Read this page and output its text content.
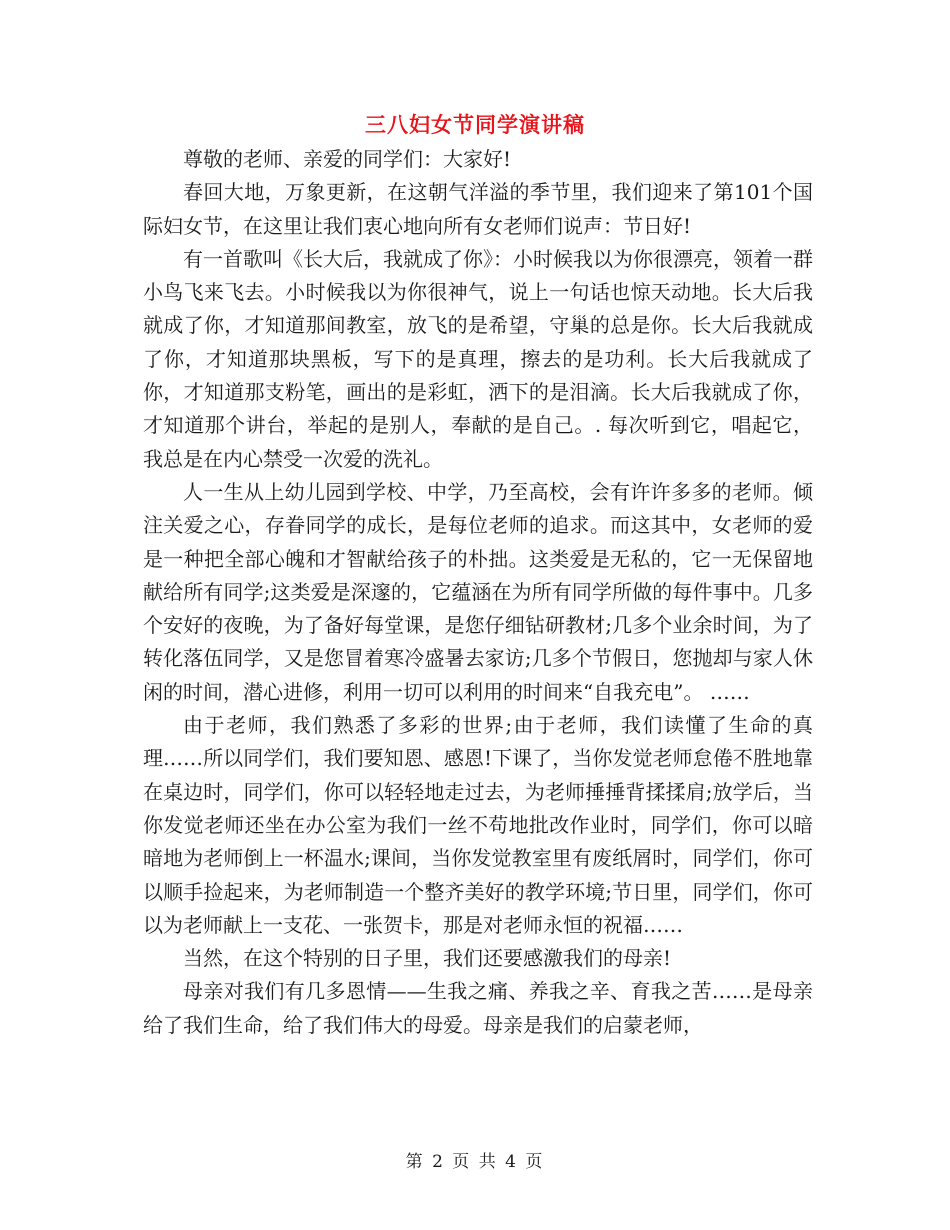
三八妇女节同学演讲稿

尊敬的老师、亲爱的同学们：大家好!

春回大地，万象更新，在这朝气洋溢的季节里，我们迎来了第101个国际妇女节，在这里让我们衷心地向所有女老师们说声：节日好!

有一首歌叫《长大后，我就成了你》：小时候我以为你很漂亮，领着一群小鸟飞来飞去。小时候我以为你很神气，说上一句话也惊天动地。长大后我就成了你，才知道那间教室，放飞的是希望，守巢的总是你。长大后我就成了你，才知道那块黑板，写下的是真理，擦去的是功利。长大后我就成了你，才知道那支粉笔，画出的是彩虹，洒下的是泪滴。长大后我就成了你，才知道那个讲台，举起的是别人，奉献的是自己。. 每次听到它，唱起它，我总是在内心禁受一次爱的洗礼。

人一生从上幼儿园到学校、中学，乃至高校，会有许许多多的老师。倾注关爱之心，存眷同学的成长，是每位老师的追求。而这其中，女老师的爱是一种把全部心魄和才智献给孩子的朴拙。这类爱是无私的，它一无保留地献给所有同学;这类爱是深邃的，它蕴涵在为所有同学所做的每件事中。几多个安好的夜晚，为了备好每堂课，是您仔细钻研教材;几多个业余时间，为了转化落伍同学，又是您冒着寒冷盛暑去家访;几多个节假日，您抛却与家人休闲的时间，潜心进修，利用一切可以利用的时间来“自我充电”。 ……

由于老师，我们熟悉了多彩的世界;由于老师，我们读懂了生命的真理……所以同学们，我们要知恩、感恩!下课了，当你发觉老师怠倦不胜地靠在桌边时，同学们，你可以轻轻地走过去，为老师捶捶背揉揉肩;放学后，当你发觉老师还坐在办公室为我们一丝不苟地批改作业时，同学们，你可以暗暗地为老师倒上一杯温水;课间，当你发觉教室里有废纸屑时，同学们，你可以顺手捡起来，为老师制造一个整齐美好的教学环境;节日里，同学们，你可以为老师献上一支花、一张贺卡，那是对老师永恒的祝福……

当然，在这个特别的日子里，我们还要感激我们的母亲!

母亲对我们有几多恩情——生我之痛、养我之辛、育我之苦……是母亲给了我们生命，给了我们伟大的母爱。母亲是我们的启蒙老师，

第 2 页 共 4 页
